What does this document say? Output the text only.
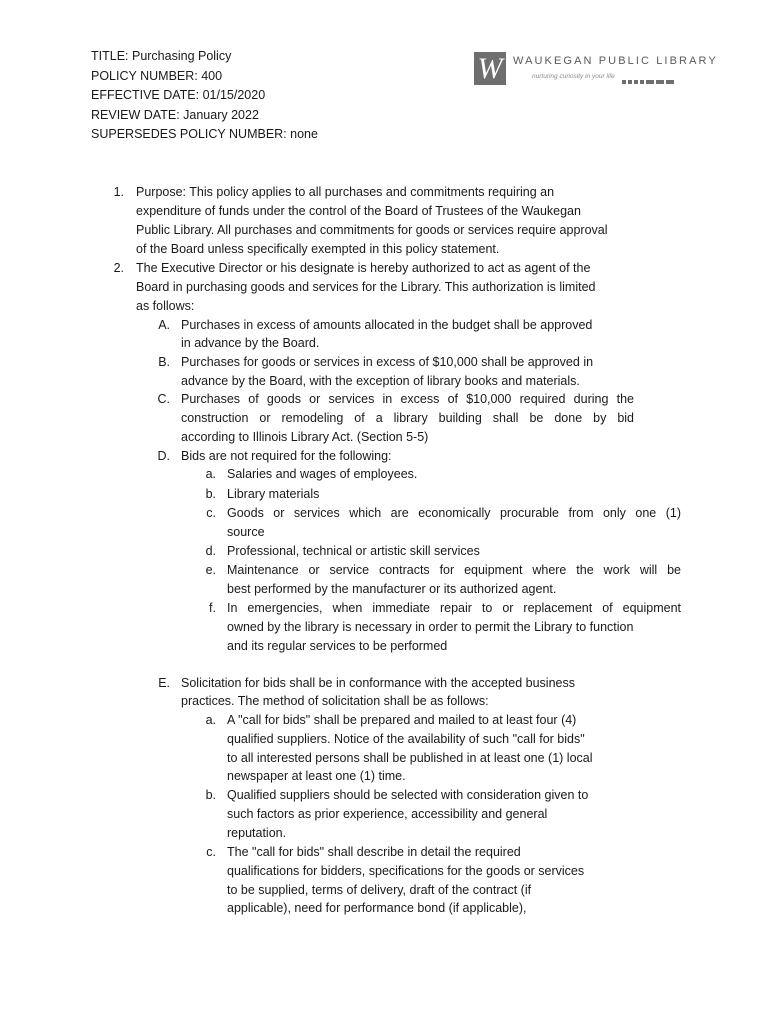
TITLE: Purchasing Policy
POLICY NUMBER: 400
EFFECTIVE DATE: 01/15/2020
REVIEW DATE: January 2022
SUPERSEDES POLICY NUMBER: none
W WAUKEGAN PUBLIC LIBRARY
nurturing curiosity in your life
1. Purpose: This policy applies to all purchases and commitments requiring an
expenditure of funds under the control of the Board of Trustees of the Waukegan
Public Library. All purchases and commitments for goods or services require approval
of the Board unless specifically exempted in this policy statement.
2. The Executive Director or his designate is hereby authorized to act as agent of the
Board in purchasing goods and services for the Library. This authorization is limited
as follows:
A. Purchases in excess of amounts allocated in the budget shall be approved
in advance by the Board.
B. Purchases for goods or services in excess of $10,000 shall be approved in
advance by the Board, with the exception of library books and materials.
C. Purchases of goods or services in excess of $10,000 required during the
construction or remodeling of a library building shall be done by bid
according to Illinois Library Act. (Section 5-5)
D. Bids are not required for the following:
a. Salaries and wages of employees.
b. Library materials
c. Goods or services which are economically procurable from only one (1)
source
d. Professional, technical or artistic skill services
e. Maintenance or service contracts for equipment where the work will be
best performed by the manufacturer or its authorized agent.
f. In emergencies, when immediate repair to or replacement of equipment
owned by the library is necessary in order to permit the Library to function
and its regular services to be performed
E. Solicitation for bids shall be in conformance with the accepted business
practices. The method of solicitation shall be as follows:
a. A "call for bids" shall be prepared and mailed to at least four (4)
qualified suppliers. Notice of the availability of such "call for bids"
to all interested persons shall be published in at least one (1) local
newspaper at least one (1) time.
b. Qualified suppliers should be selected with consideration given to
such factors as prior experience, accessibility and general
reputation.
c. The "call for bids" shall describe in detail the required
qualifications for bidders, specifications for the goods or services
to be supplied, terms of delivery, draft of the contract (if
applicable), need for performance bond (if applicable),
